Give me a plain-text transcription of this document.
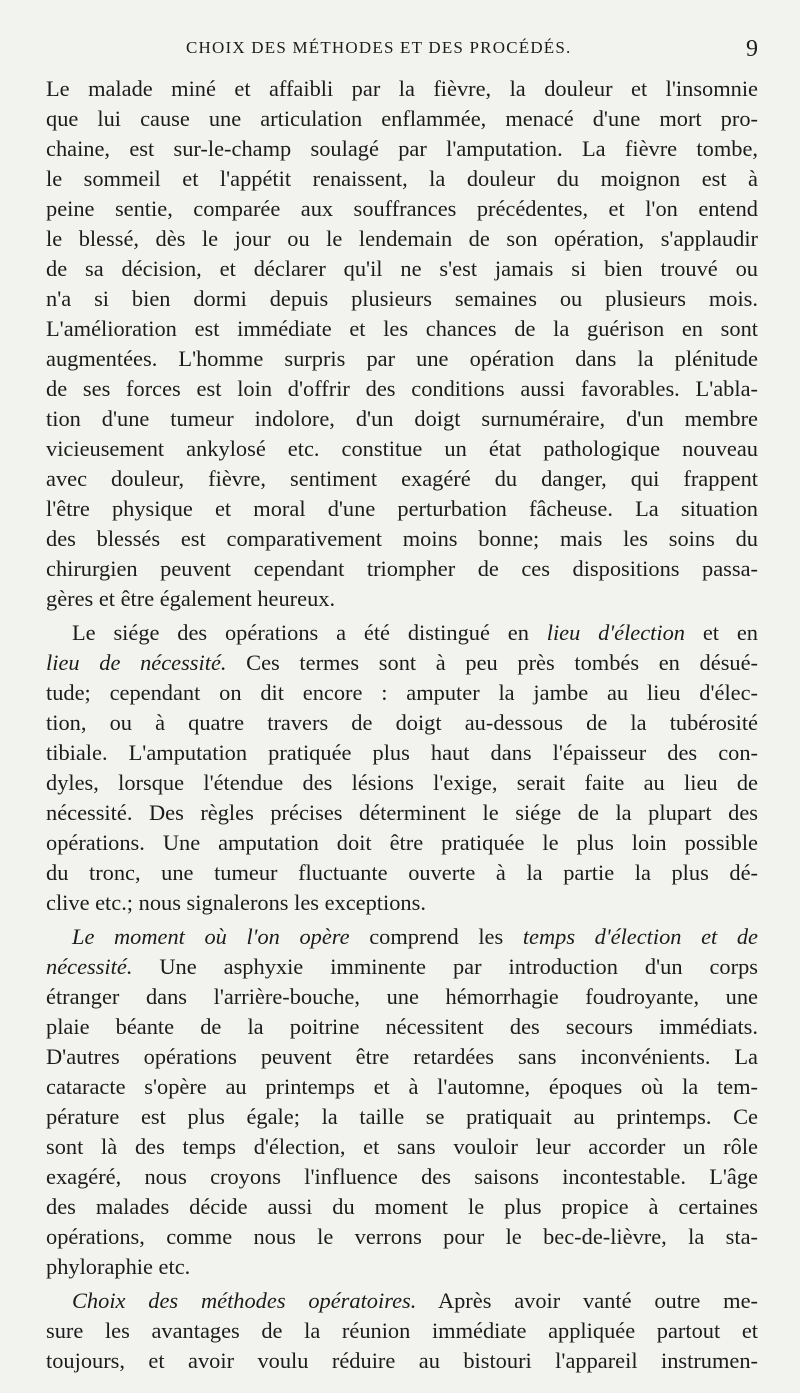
CHOIX DES MÉTHODES ET DES PROCÉDÉS.	9
Le malade miné et affaibli par la fièvre, la douleur et l'insomnie
que lui cause une articulation enflammée, menacé d'une mort pro-
chaine, est sur-le-champ soulagé par l'amputation. La fièvre tombe,
le sommeil et l'appétit renaissent, la douleur du moignon est à
peine sentie, comparée aux souffrances précédentes, et l'on entend
le blessé, dès le jour ou le lendemain de son opération, s'applaudir
de sa décision, et déclarer qu'il ne s'est jamais si bien trouvé ou
n'a si bien dormi depuis plusieurs semaines ou plusieurs mois.
L'amélioration est immédiate et les chances de la guérison en sont
augmentées. L'homme surpris par une opération dans la plénitude
de ses forces est loin d'offrir des conditions aussi favorables. L'abla-
tion d'une tumeur indolore, d'un doigt surnuméraire, d'un membre
vicieusement ankylosé etc. constitue un état pathologique nouveau
avec douleur, fièvre, sentiment exagéré du danger, qui frappent
l'être physique et moral d'une perturbation fâcheuse. La situation
des blessés est comparativement moins bonne; mais les soins du
chirurgien peuvent cependant triompher de ces dispositions passa-
gères et être également heureux.
Le siége des opérations a été distingué en lieu d'élection et en
lieu de nécessité. Ces termes sont à peu près tombés en désué-
tude; cependant on dit encore : amputer la jambe au lieu d'élec-
tion, ou à quatre travers de doigt au-dessous de la tubérosité
tibiale. L'amputation pratiquée plus haut dans l'épaisseur des con-
dyles, lorsque l'étendue des lésions l'exige, serait faite au lieu de
nécessité. Des règles précises déterminent le siége de la plupart des
opérations. Une amputation doit être pratiquée le plus loin possible
du tronc, une tumeur fluctuante ouverte à la partie la plus dé-
clive etc.; nous signalerons les exceptions.
Le moment où l'on opère comprend les temps d'élection et de
nécessité. Une asphyxie imminente par introduction d'un corps
étranger dans l'arrière-bouche, une hémorrhagie foudroyante, une
plaie béante de la poitrine nécessitent des secours immédiats.
D'autres opérations peuvent être retardées sans inconvénients. La
cataracte s'opère au printemps et à l'automne, époques où la tem-
pérature est plus égale; la taille se pratiquait au printemps. Ce
sont là des temps d'élection, et sans vouloir leur accorder un rôle
exagéré, nous croyons l'influence des saisons incontestable. L'âge
des malades décide aussi du moment le plus propice à certaines
opérations, comme nous le verrons pour le bec-de-lièvre, la sta-
phyloraphie etc.
Choix des méthodes opératoires. Après avoir vanté outre me-
sure les avantages de la réunion immédiate appliquée partout et
toujours, et avoir voulu réduire au bistouri l'appareil instrumen-
